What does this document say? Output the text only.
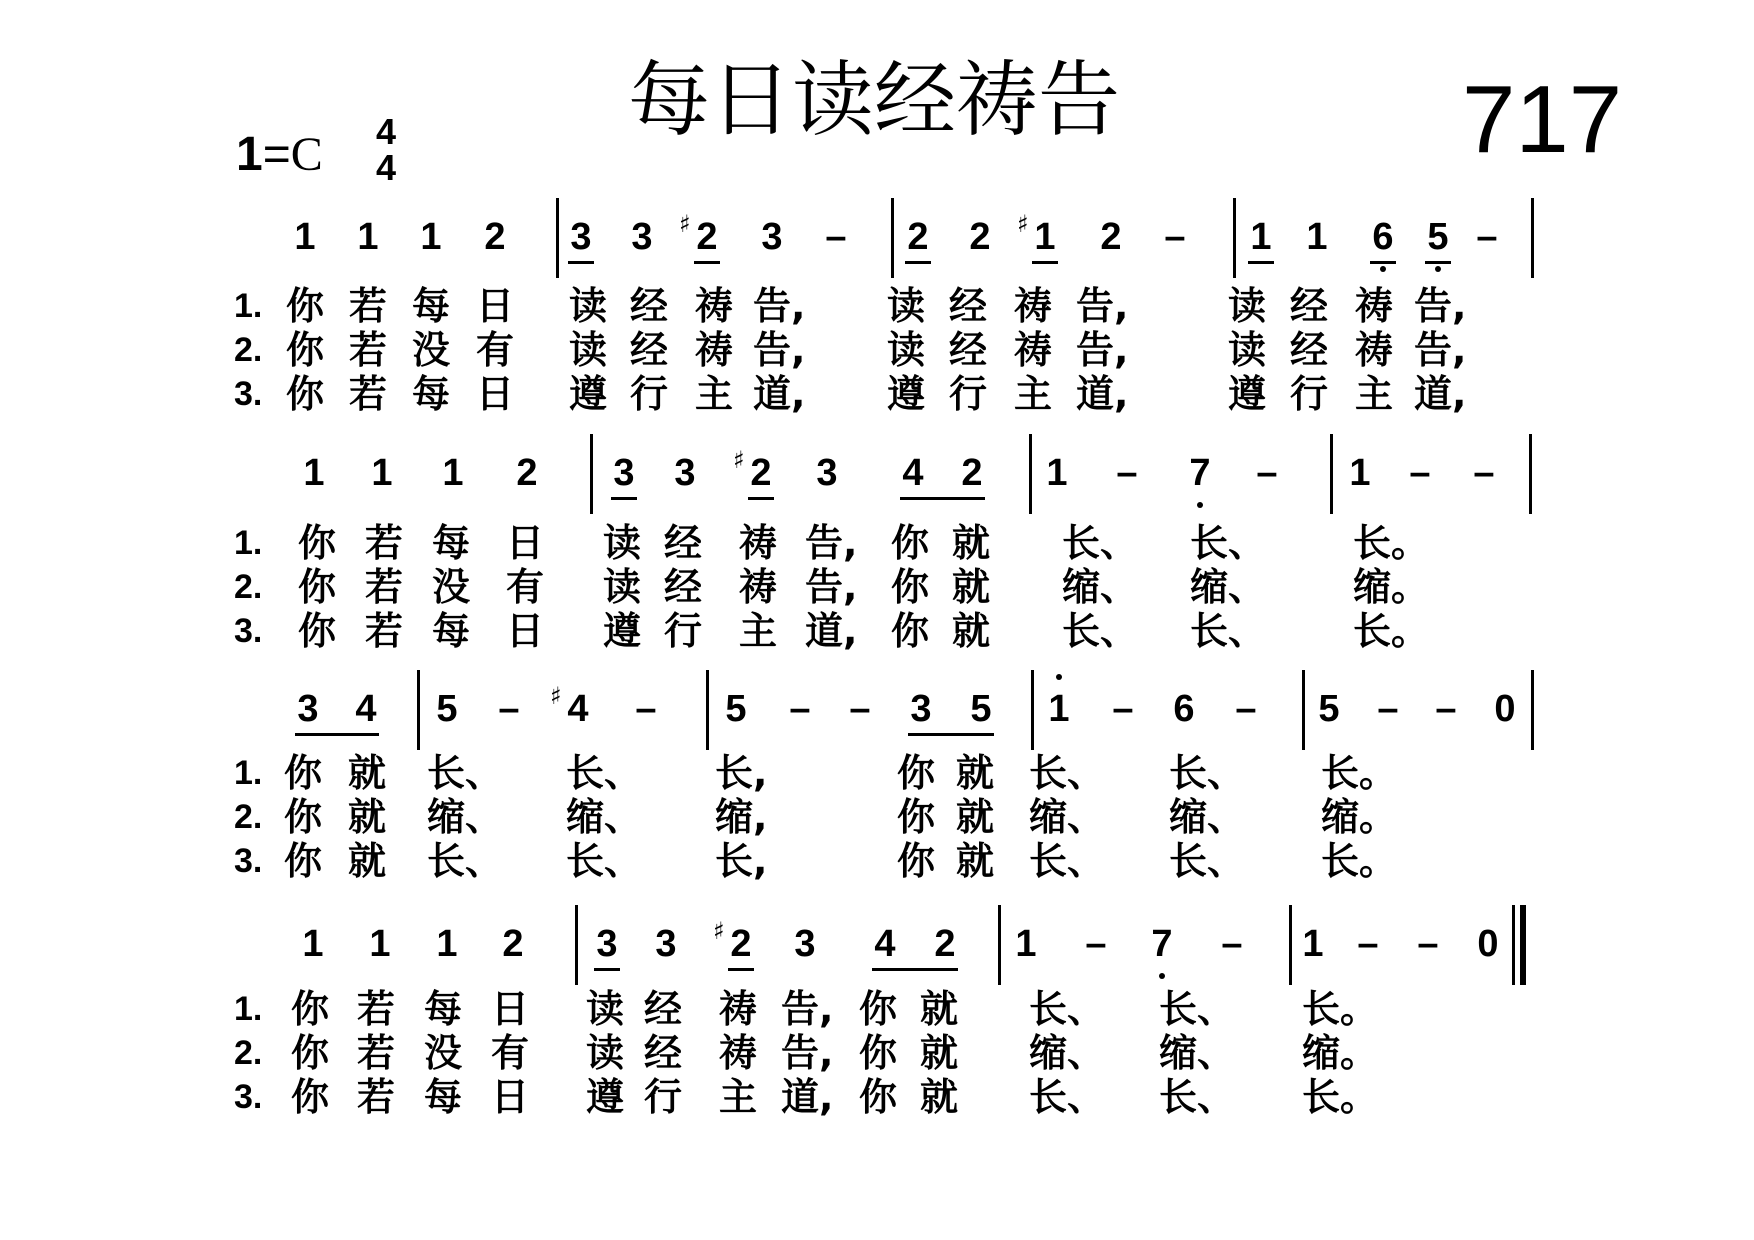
每日读经祷告	717
1=C 4
4
1 1 1 2 3 3 2 3 – 2 2 1 2 – 1 1 6 5 –
♯	♯
1. 你 若 每 日 读 经 祷 告, 读 经 祷 告,	读 经 祷 告,
2. 你 若 没 有 读 经 祷 告, 读 经 祷 告,	读 经 祷 告,
3. 你 若 每 日 遵 行 主 道, 遵 行 主 道,	遵 行 主 道,
1 1 1 2 3 3 2 3 4 2 1 – 7 – 1 – –
♯
1. 你 若 每 日 读 经 祷 告, 你 就 长、 长、 长。
2. 你 若 没 有 读 经 祷 告, 你 就 缩、 缩、 缩。
3. 你 若 每 日 遵 行 主 道, 你 就 长、 长、 长。
3 4 5 – 4 – 5 – – 3 5 1 – 6 – 5 – – 0
♯
1. 你 就 长、 长、 长,	你 就 长、 长、 长。
2. 你 就 缩、 缩、 缩,	你 就 缩、 缩、 缩。
3. 你 就 长、 长、 长,	你 就 长、 长、 长。
1 1 1 2 3 3 2 3 4 2 1 – 7 – 1 – – 0
♯
1. 你 若 每 日 读 经 祷 告, 你 就 长、 长、 长。
2. 你 若 没 有 读 经 祷 告, 你 就 缩、 缩、 缩。
3. 你 若 每 日 遵 行 主 道, 你 就 长、 长、 长。
